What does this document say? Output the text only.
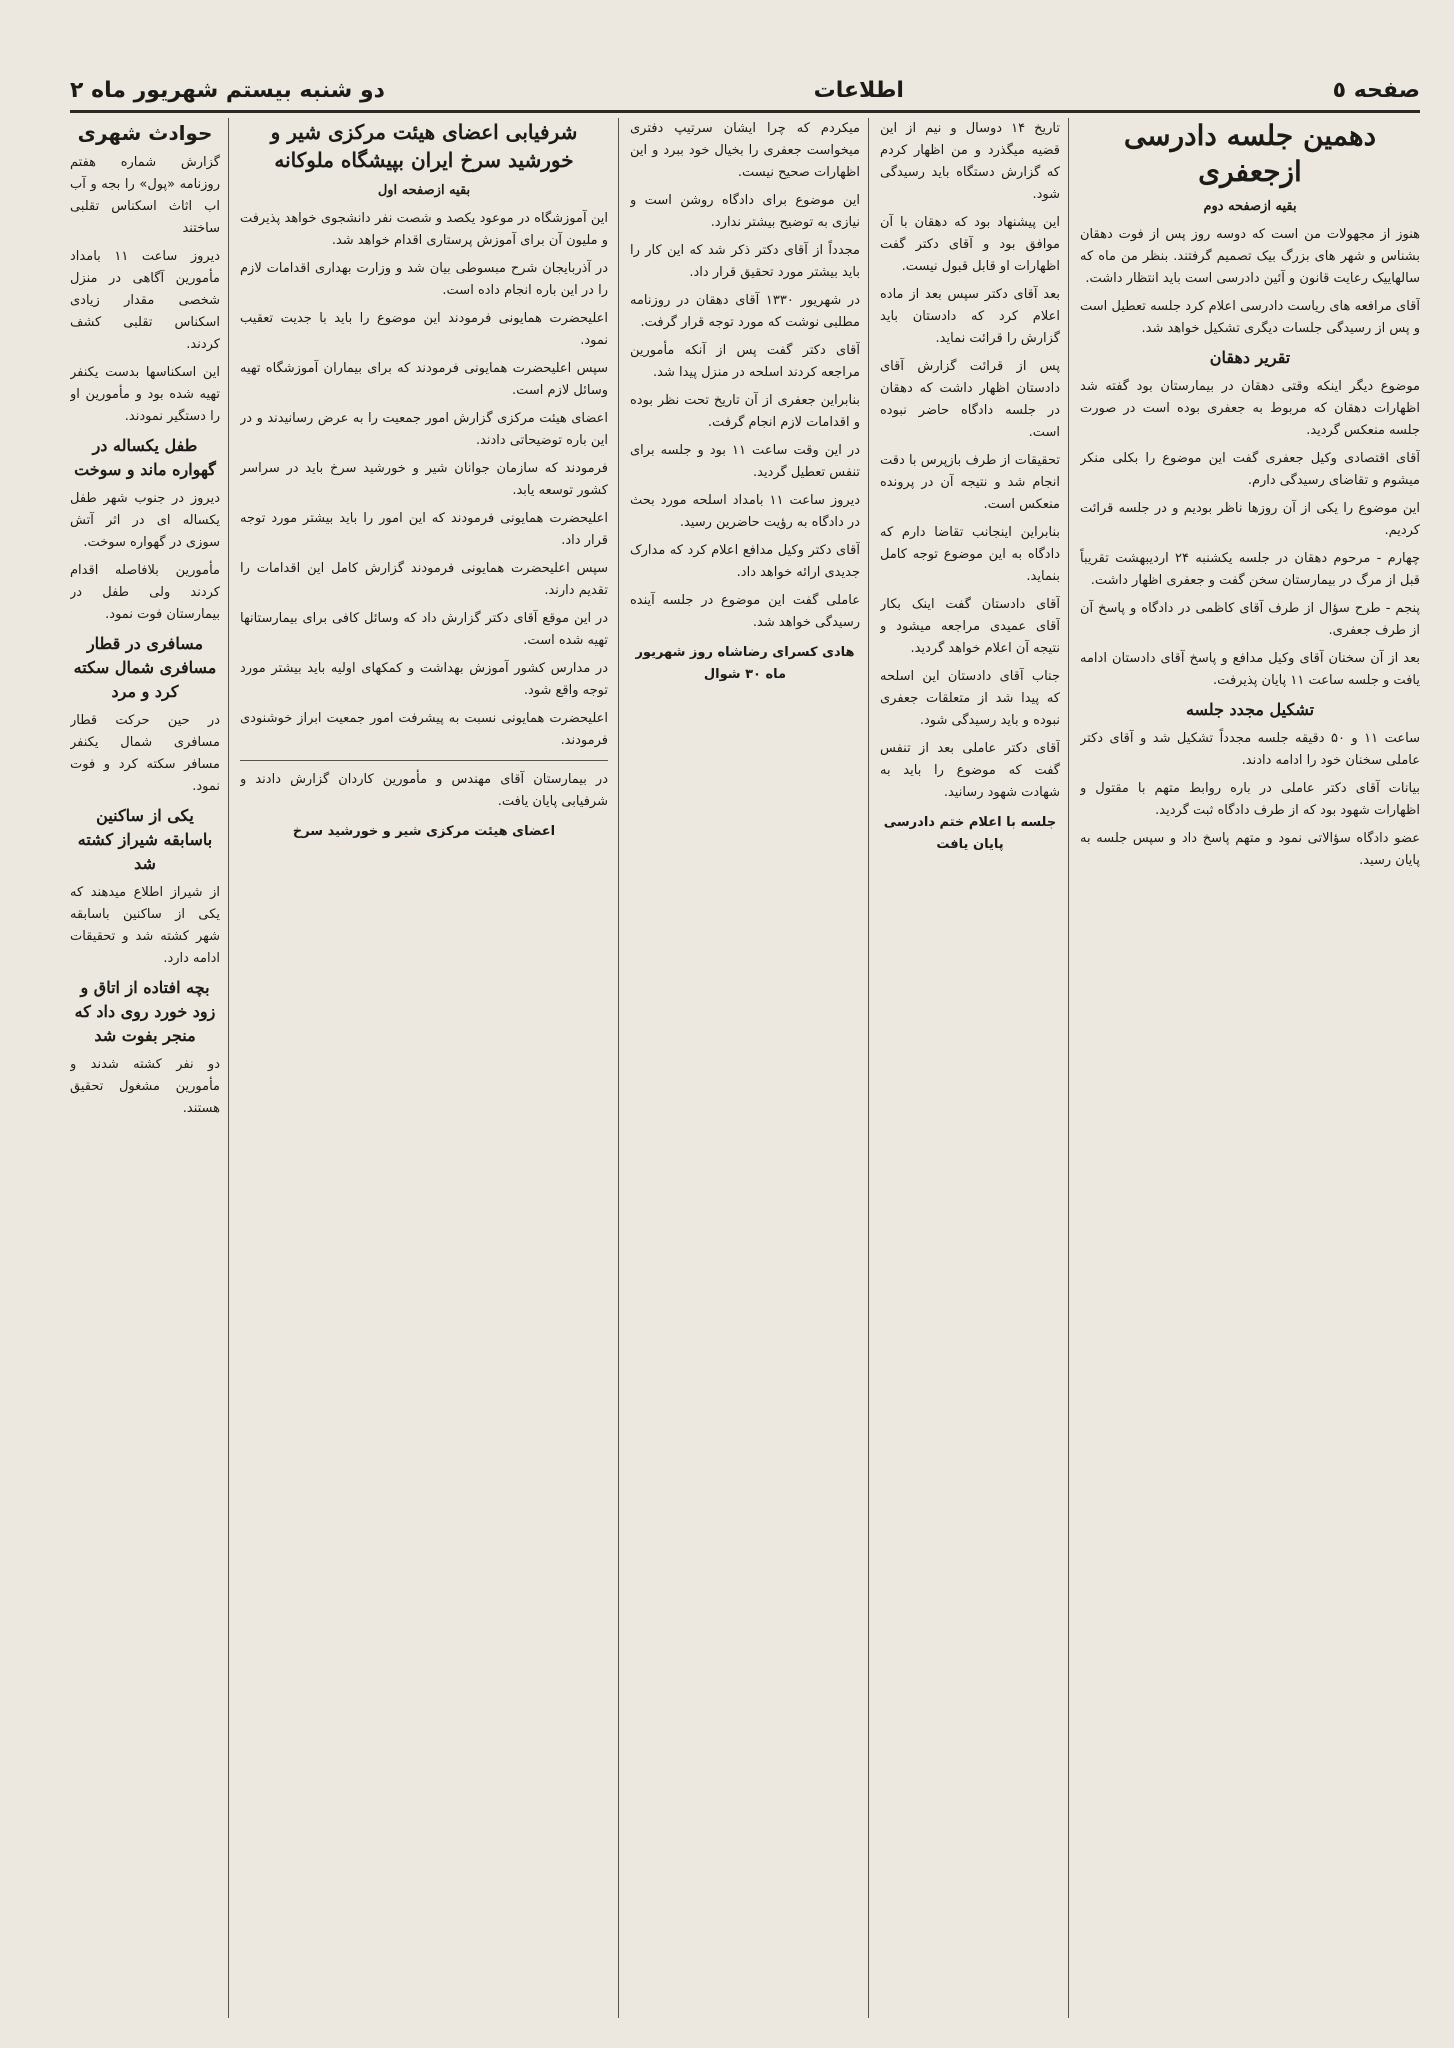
صفحه ٥
اطلاعات
دو شنبه بیستم شهریور ماه ۲
دهمین جلسه دادرسی ازجعفری
بقیه ازصفحه دوم

هنوز از مجهولات من است که دوسه روز پس از فوت دهقان بشناس و شهر های بزرگ بیک تصمیم گرفتند. بنظر من ماه که سالهاییک رعایت قانون و آئین دادرسی است باید انتظار داشت.

آقای مرافعه های ریاست دادرسی اعلام کرد جلسه تعطیل است و پس از رسیدگی جلسات دیگری تشکیل خواهد شد.

تقریر دهقان

موضوع دیگر اینکه وقتی دهقان در بیمارستان بود گفته شد اظهارات دهقان که مربوط به جعفری بوده است در صورت جلسه منعکس گردید.

آقای اقتصادی وکیل جعفری گفت این موضوع را بکلی منکر میشوم و تقاضای رسیدگی دارم.

این موضوع را یکی از آن روزها ناظر بودیم و در جلسه قرائت کردیم.

چهارم - مرحوم دهقان در جلسه یکشنبه ۲۴ اردیبهشت تقریباً قبل از مرگ در بیمارستان سخن گفت و جعفری اظهار داشت.

پنجم - طرح سؤال از طرف آقای کاظمی در دادگاه و پاسخ آن از طرف جعفری.

بعد از آن سخنان آقای وکیل مدافع و پاسخ آقای دادستان ادامه یافت و جلسه ساعت ۱۱ پایان پذیرفت.

تشکیل مجدد جلسه

ساعت ۱۱ و ۵۰ دقیقه جلسه مجدداً تشکیل شد و آقای دکتر عاملی سخنان خود را ادامه دادند.

بیانات آقای دکتر عاملی در باره روابط متهم با مقتول و اظهارات شهود بود که از طرف دادگاه ثبت گردید.

عضو دادگاه سؤالاتی نمود و متهم پاسخ داد و سپس جلسه به پایان رسید.

تاریخ ۱۴ دوسال و نیم از این قضیه میگذرد و من اظهار کردم که گزارش دستگاه باید رسیدگی شود.

این پیشنهاد بود که دهقان با آن موافق بود و آقای دکتر گفت اظهارات او قابل قبول نیست.

بعد آقای دکتر سپس بعد از ماده اعلام کرد که دادستان باید گزارش را قرائت نماید.

پس از قرائت گزارش آقای دادستان اظهار داشت که دهقان در جلسه دادگاه حاضر نبوده است.

تحقیقات از طرف بازپرس با دقت انجام شد و نتیجه آن در پرونده منعکس است.

بنابراین اینجانب تقاضا دارم که دادگاه به این موضوع توجه کامل بنماید.

آقای دادستان گفت اینک بکار آقای عمیدی مراجعه میشود و نتیجه آن اعلام خواهد گردید.

جناب آقای دادستان این اسلحه که پیدا شد از متعلقات جعفری نبوده و باید رسیدگی شود.

آقای دکتر عاملی بعد از تنفس گفت که موضوع را باید به شهادت شهود رسانید.

جلسه با اعلام ختم دادرسی پایان یافت

میکردم که چرا ایشان سرتیپ دفتری میخواست جعفری را بخیال خود ببرد و این اظهارات صحیح نیست.

این موضوع برای دادگاه روشن است و نیازی به توضیح بیشتر ندارد.

مجدداً از آقای دکتر ذکر شد که این کار را باید بیشتر مورد تحقیق قرار داد.

در شهریور ۱۳۳۰ آقای دهقان در روزنامه مطلبی نوشت که مورد توجه قرار گرفت.

آقای دکتر گفت پس از آنکه مأمورین مراجعه کردند اسلحه در منزل پیدا شد.

بنابراین جعفری از آن تاریخ تحت نظر بوده و اقدامات لازم انجام گرفت.

در این وقت ساعت ۱۱ بود و جلسه برای تنفس تعطیل گردید.

دیروز ساعت ۱۱ بامداد اسلحه مورد بحث در دادگاه به رؤیت حاضرین رسید.

آقای دکتر وکیل مدافع اعلام کرد که مدارک جدیدی ارائه خواهد داد.

عاملی گفت این موضوع در جلسه آینده رسیدگی خواهد شد.

هادی کسرای رضاشاه روز شهریور ماه ۳۰ شوال
شرفیابی اعضای هیئت مرکزی شیر و خورشید سرخ ایران بپیشگاه ملوکانه
بقیه ازصفحه اول

این آموزشگاه در موعود یکصد و شصت نفر دانشجوی خواهد پذیرفت و ملیون آن برای آموزش پرستاری اقدام خواهد شد.

در آذربایجان شرح مبسوطی بیان شد و وزارت بهداری اقدامات لازم را در این باره انجام داده است.

اعلیحضرت همایونی فرمودند این موضوع را باید با جدیت تعقیب نمود.

سپس اعلیحضرت همایونی فرمودند که برای بیماران آموزشگاه تهیه وسائل لازم است.

اعضای هیئت مرکزی گزارش امور جمعیت را به عرض رسانیدند و در این باره توضیحاتی دادند.

فرمودند که سازمان جوانان شیر و خورشید سرخ باید در سراسر کشور توسعه یابد.

اعلیحضرت همایونی فرمودند که این امور را باید بیشتر مورد توجه قرار داد.

سپس اعلیحضرت همایونی فرمودند گزارش کامل این اقدامات را تقدیم دارند.

در این موقع آقای دکتر گزارش داد که وسائل کافی برای بیمارستانها تهیه شده است.

در مدارس کشور آموزش بهداشت و کمکهای اولیه باید بیشتر مورد توجه واقع شود.

اعلیحضرت همایونی نسبت به پیشرفت امور جمعیت ابراز خوشنودی فرمودند.

در بیمارستان آقای مهندس و مأمورین کاردان گزارش دادند و شرفیابی پایان یافت.

اعضای هیئت مرکزی شیر و خورشید سرخ
حوادث شهری

گزارش شماره هفتم روزنامه «پول» را بجه و آب اب اثاث اسکناس تقلبی ساختند

دیروز ساعت ۱۱ بامداد مأمورین آگاهی در منزل شخصی مقدار زیادی اسکناس تقلبی کشف کردند.

این اسکناسها بدست یکنفر تهیه شده بود و مأمورین او را دستگیر نمودند.

طفل یکساله در گهواره ماند و سوخت

دیروز در جنوب شهر طفل یکساله ای در اثر آتش سوزی در گهواره سوخت.

مأمورین بلافاصله اقدام کردند ولی طفل در بیمارستان فوت نمود.

مسافری در قطار مسافری شمال سکته کرد و مرد

در حین حرکت قطار مسافری شمال یکنفر مسافر سکته کرد و فوت نمود.

یکی از ساکنین باسابقه شیراز کشته شد

از شیراز اطلاع میدهند که یکی از ساکنین باسابقه شهر کشته شد و تحقیقات ادامه دارد.

بچه افتاده از اتاق و زود خورد روی داد که منجر بفوت شد

دو نفر کشته شدند و مأمورین مشغول تحقیق هستند.
